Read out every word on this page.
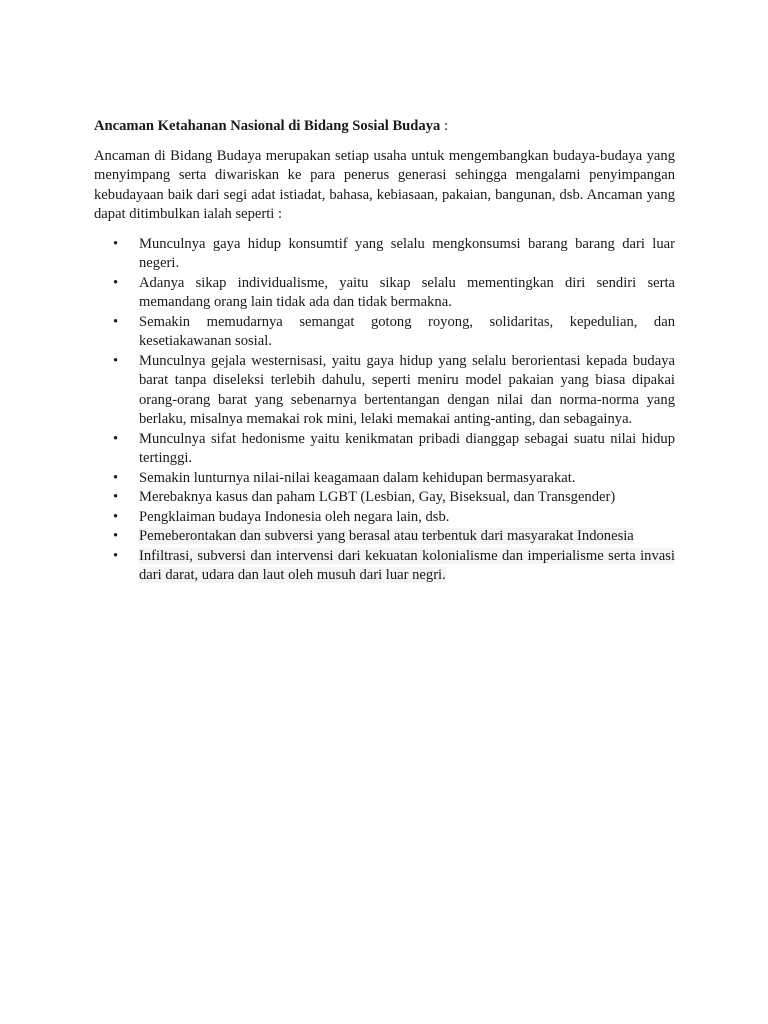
Ancaman Ketahanan Nasional di Bidang Sosial Budaya :

Ancaman di Bidang Budaya merupakan setiap usaha untuk mengembangkan budaya-budaya yang menyimpang serta diwariskan ke para penerus generasi sehingga mengalami penyimpangan kebudayaan baik dari segi adat istiadat, bahasa, kebiasaan, pakaian, bangunan, dsb. Ancaman yang dapat ditimbulkan ialah seperti :

• Munculnya gaya hidup konsumtif yang selalu mengkonsumsi barang barang dari luar negeri.
• Adanya sikap individualisme, yaitu sikap selalu mementingkan diri sendiri serta memandang orang lain tidak ada dan tidak bermakna.
• Semakin memudarnya semangat gotong royong, solidaritas, kepedulian, dan kesetiakawanan sosial.
• Munculnya gejala westernisasi, yaitu gaya hidup yang selalu berorientasi kepada budaya barat tanpa diseleksi terlebih dahulu, seperti meniru model pakaian yang biasa dipakai orang-orang barat yang sebenarnya bertentangan dengan nilai dan norma-norma yang berlaku, misalnya memakai rok mini, lelaki memakai anting-anting, dan sebagainya.
• Munculnya sifat hedonisme yaitu kenikmatan pribadi dianggap sebagai suatu nilai hidup tertinggi.
• Semakin lunturnya nilai-nilai keagamaan dalam kehidupan bermasyarakat.
• Merebaknya kasus dan paham LGBT (Lesbian, Gay, Biseksual, dan Transgender)
• Pengklaiman budaya Indonesia oleh negara lain, dsb.
• Pemeberontakan dan subversi yang berasal atau terbentuk dari masyarakat Indonesia
• Infiltrasi, subversi dan intervensi dari kekuatan kolonialisme dan imperialisme serta invasi dari darat, udara dan laut oleh musuh dari luar negri.
